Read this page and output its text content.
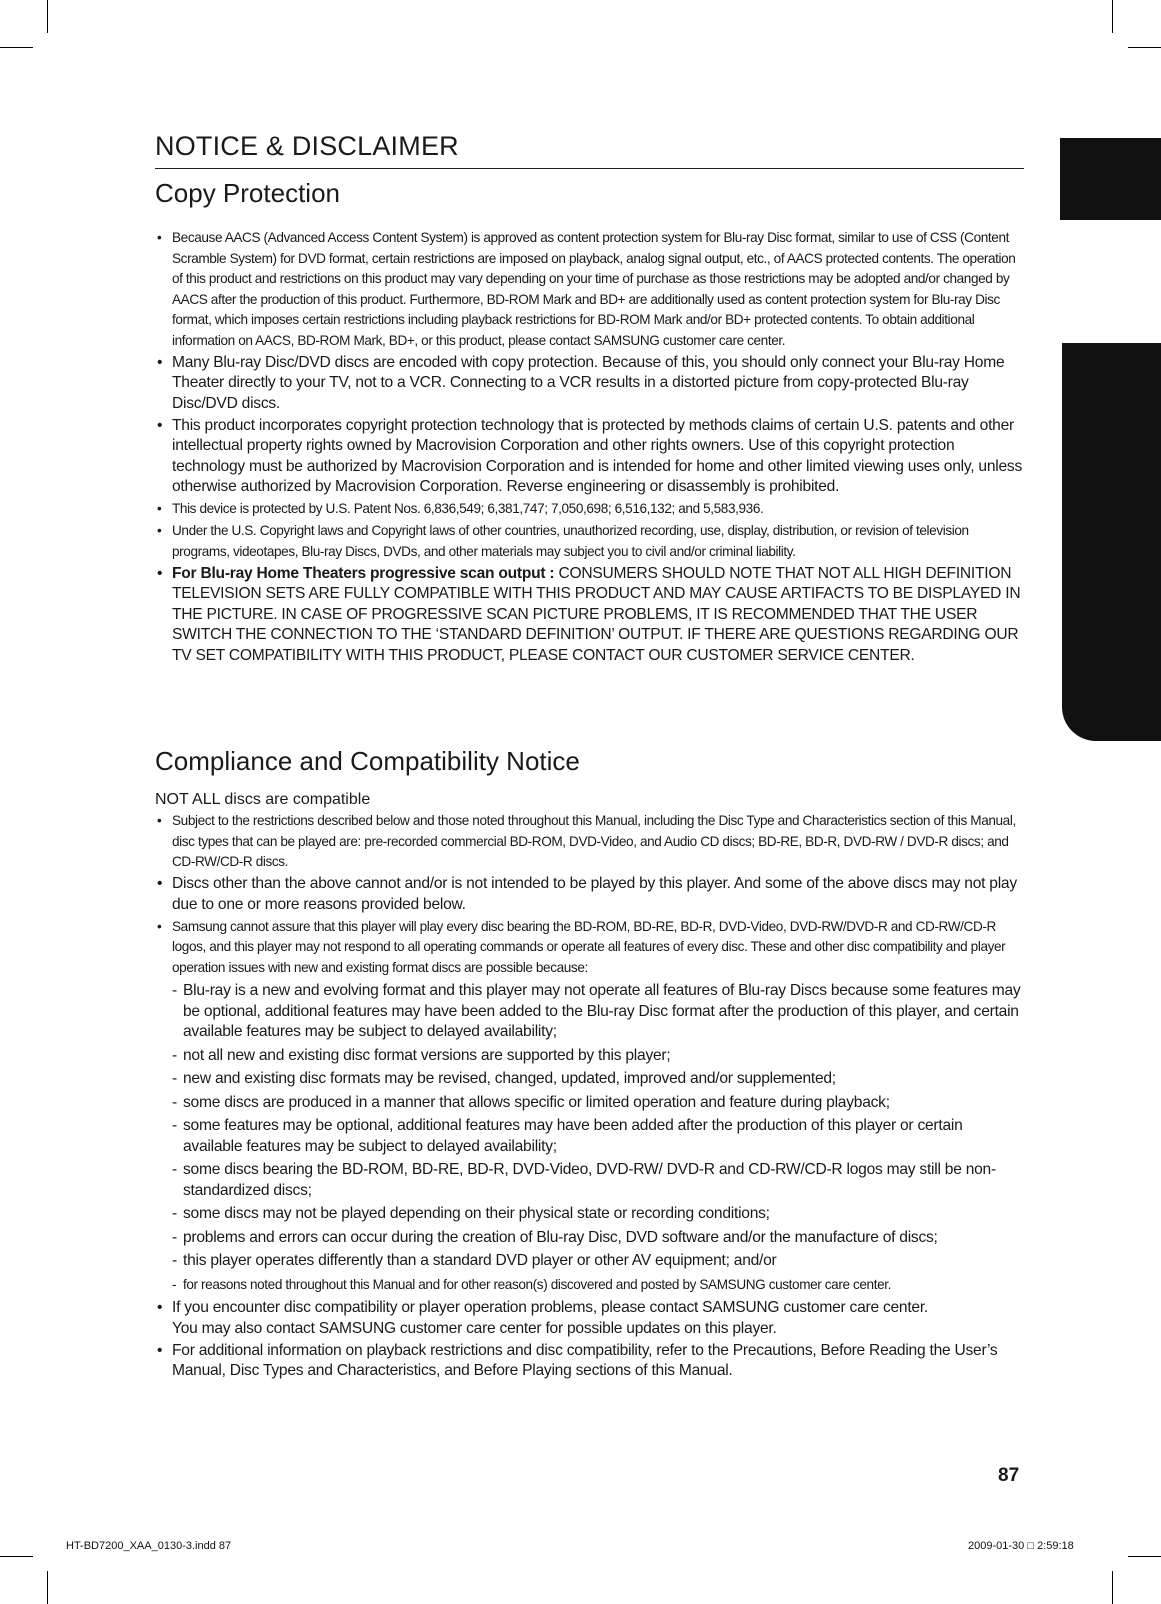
NOTICE & DISCLAIMER
Copy Protection
• Because AACS (Advanced Access Content System) is approved as content protection system for Blu-ray Disc format, similar to use of CSS (Content Scramble System) for DVD format, certain restrictions are imposed on playback, analog signal output, etc., of AACS protected contents. The operation of this product and restrictions on this product may vary depending on your time of purchase as those restrictions may be adopted and/or changed by AACS after the production of this product. Furthermore, BD-ROM Mark and BD+ are additionally used as content protection system for Blu-ray Disc format, which imposes certain restrictions including playback restrictions for BD-ROM Mark and/or BD+ protected contents. To obtain additional information on AACS, BD-ROM Mark, BD+, or this product, please contact SAMSUNG customer care center.
• Many Blu-ray Disc/DVD discs are encoded with copy protection. Because of this, you should only connect your Blu-ray Home Theater directly to your TV, not to a VCR. Connecting to a VCR results in a distorted picture from copy-protected Blu-ray Disc/DVD discs.
• This product incorporates copyright protection technology that is protected by methods claims of certain U.S. patents and other intellectual property rights owned by Macrovision Corporation and other rights owners. Use of this copyright protection technology must be authorized by Macrovision Corporation and is intended for home and other limited viewing uses only, unless otherwise authorized by Macrovision Corporation. Reverse engineering or disassembly is prohibited.
• This device is protected by U.S. Patent Nos. 6,836,549; 6,381,747; 7,050,698; 6,516,132; and 5,583,936.
• Under the U.S. Copyright laws and Copyright laws of other countries, unauthorized recording, use, display, distribution, or revision of television programs, videotapes, Blu-ray Discs, DVDs, and other materials may subject you to civil and/or criminal liability.
• For Blu-ray Home Theaters progressive scan output : CONSUMERS SHOULD NOTE THAT NOT ALL HIGH DEFINITION TELEVISION SETS ARE FULLY COMPATIBLE WITH THIS PRODUCT AND MAY CAUSE ARTIFACTS TO BE DISPLAYED IN THE PICTURE. IN CASE OF PROGRESSIVE SCAN PICTURE PROBLEMS, IT IS RECOMMENDED THAT THE USER SWITCH THE CONNECTION TO THE ‘STANDARD DEFINITION’ OUTPUT. IF THERE ARE QUESTIONS REGARDING OUR TV SET COMPATIBILITY WITH THIS PRODUCT, PLEASE CONTACT OUR CUSTOMER SERVICE CENTER.
Compliance and Compatibility Notice
NOT ALL discs are compatible
• Subject to the restrictions described below and those noted throughout this Manual, including the Disc Type and Characteristics section of this Manual, disc types that can be played are: pre-recorded commercial BD-ROM, DVD-Video, and Audio CD discs; BD-RE, BD-R, DVD-RW / DVD-R discs; and CD-RW/CD-R discs.
• Discs other than the above cannot and/or is not intended to be played by this player. And some of the above discs may not play due to one or more reasons provided below.
• Samsung cannot assure that this player will play every disc bearing the BD-ROM, BD-RE, BD-R, DVD-Video, DVD-RW/DVD-R and CD-RW/CD-R logos, and this player may not respond to all operating commands or operate all features of every disc. These and other disc compatibility and player operation issues with new and existing format discs are possible because:
- Blu-ray is a new and evolving format and this player may not operate all features of Blu-ray Discs because some features may be optional, additional features may have been added to the Blu-ray Disc format after the production of this player, and certain available features may be subject to delayed availability;
- not all new and existing disc format versions are supported by this player;
- new and existing disc formats may be revised, changed, updated, improved and/or supplemented;
- some discs are produced in a manner that allows specific or limited operation and feature during playback;
- some features may be optional, additional features may have been added after the production of this player or certain available features may be subject to delayed availability;
- some discs bearing the BD-ROM, BD-RE, BD-R, DVD-Video, DVD-RW/ DVD-R and CD-RW/CD-R logos may still be non-standardized discs;
- some discs may not be played depending on their physical state or recording conditions;
- problems and errors can occur during the creation of Blu-ray Disc, DVD software and/or the manufacture of discs;
- this player operates differently than a standard DVD player or other AV equipment; and/or
- for reasons noted throughout this Manual and for other reason(s) discovered and posted by SAMSUNG customer care center.
• If you encounter disc compatibility or player operation problems, please contact SAMSUNG customer care center.
You may also contact SAMSUNG customer care center for possible updates on this player.
• For additional information on playback restrictions and disc compatibility, refer to the Precautions, Before Reading the User’s Manual, Disc Types and Characteristics, and Before Playing sections of this Manual.
87
HT-BD7200_XAA_0130-3.indd 87	2009-01-30 □ 2:59:18
